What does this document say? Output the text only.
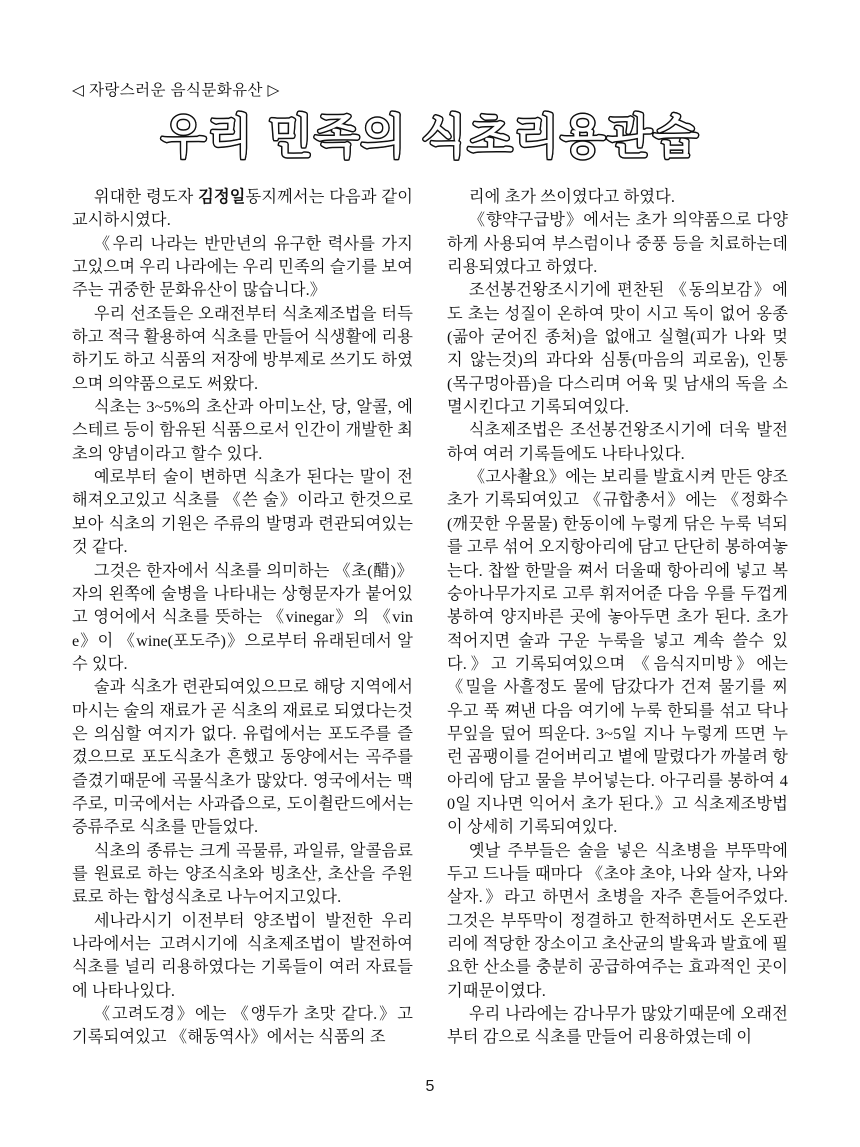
◁ 자랑스러운 음식문화유산 ▷
우리 민족의 식초리용관습

위대한 령도자 김정일동지께서는 다음과 같이 교시하시였다.

《우리 나라는 반만년의 유구한 력사를 가지고있으며 우리 나라에는 우리 민족의 슬기를 보여주는 귀중한 문화유산이 많습니다.》

우리 선조들은 오래전부터 식초제조법을 터득하고 적극 활용하여 식초를 만들어 식생활에 리용하기도 하고 식품의 저장에 방부제로 쓰기도 하였으며 의약품으로도 써왔다.

식초는 3~5%의 초산과 아미노산, 당, 알콜, 에스테르 등이 함유된 식품으로서 인간이 개발한 최초의 양념이라고 할수 있다.

예로부터 술이 변하면 식초가 된다는 말이 전해져오고있고 식초를 《쓴 술》이라고 한것으로 보아 식초의 기원은 주류의 발명과 련관되여있는것 같다.

그것은 한자에서 식초를 의미하는 《초(醋)》자의 왼쪽에 술병을 나타내는 상형문자가 붙어있고 영어에서 식초를 뜻하는 《vinegar》의 《vine》이 《wine(포도주)》으로부터 유래된데서 알수 있다.

술과 식초가 련관되여있으므로 해당 지역에서 마시는 술의 재료가 곧 식초의 재료로 되였다는것은 의심할 여지가 없다. 유럽에서는 포도주를 즐겼으므로 포도식초가 흔했고 동양에서는 곡주를 즐겼기때문에 곡물식초가 많았다. 영국에서는 맥주로, 미국에서는 사과즙으로, 도이췰란드에서는 증류주로 식초를 만들었다.

식초의 종류는 크게 곡물류, 과일류, 알콜음료를 원료로 하는 양조식초와 빙초산, 초산을 주원료로 하는 합성식초로 나누어지고있다.

세나라시기 이전부터 양조법이 발전한 우리 나라에서는 고려시기에 식초제조법이 발전하여 식초를 널리 리용하였다는 기록들이 여러 자료들에 나타나있다.

《고려도경》에는 《앵두가 초맛 같다.》고 기록되여있고 《해동역사》에서는 식품의 조

리에 초가 쓰이였다고 하였다.

《향약구급방》에서는 초가 의약품으로 다양하게 사용되여 부스럼이나 중풍 등을 치료하는데 리용되였다고 하였다.

조선봉건왕조시기에 편찬된 《동의보감》에도 초는 성질이 온하여 맛이 시고 독이 없어 옹종(곪아 굳어진 종처)을 없애고 실혈(피가 나와 멎지 않는것)의 과다와 심통(마음의 괴로움), 인통(목구멍아픔)을 다스리며 어육 및 남새의 독을 소멸시킨다고 기록되여있다.

식초제조법은 조선봉건왕조시기에 더욱 발전하여 여러 기록들에도 나타나있다.

《고사촬요》에는 보리를 발효시켜 만든 양조초가 기록되여있고 《규합총서》에는 《정화수(깨끗한 우물물) 한동이에 누렇게 닦은 누룩 넉되를 고루 섞어 오지항아리에 담고 단단히 봉하여놓는다. 찹쌀 한말을 쪄서 더울때 항아리에 넣고 복숭아나무가지로 고루 휘저어준 다음 우를 두껍게 봉하여 양지바른 곳에 놓아두면 초가 된다. 초가 적어지면 술과 구운 누룩을 넣고 계속 쓸수 있다.》고 기록되여있으며 《음식지미방》에는 《밀을 사흘정도 물에 담갔다가 건져 물기를 찌우고 푹 쪄낸 다음 여기에 누룩 한되를 섞고 닥나무잎을 덮어 띄운다. 3~5일 지나 누렇게 뜨면 누런 곰팽이를 걷어버리고 볕에 말렸다가 까불려 항아리에 담고 물을 부어넣는다. 아구리를 봉하여 40일 지나면 익어서 초가 된다.》고 식초제조방법이 상세히 기록되여있다.

옛날 주부들은 술을 넣은 식초병을 부뚜막에 두고 드나들 때마다 《초야 초야, 나와 살자, 나와 살자.》라고 하면서 초병을 자주 흔들어주었다. 그것은 부뚜막이 정결하고 한적하면서도 온도관리에 적당한 장소이고 초산균의 발육과 발효에 필요한 산소를 충분히 공급하여주는 효과적인 곳이기때문이였다.

우리 나라에는 감나무가 많았기때문에 오래전부터 감으로 식초를 만들어 리용하였는데 이

5
